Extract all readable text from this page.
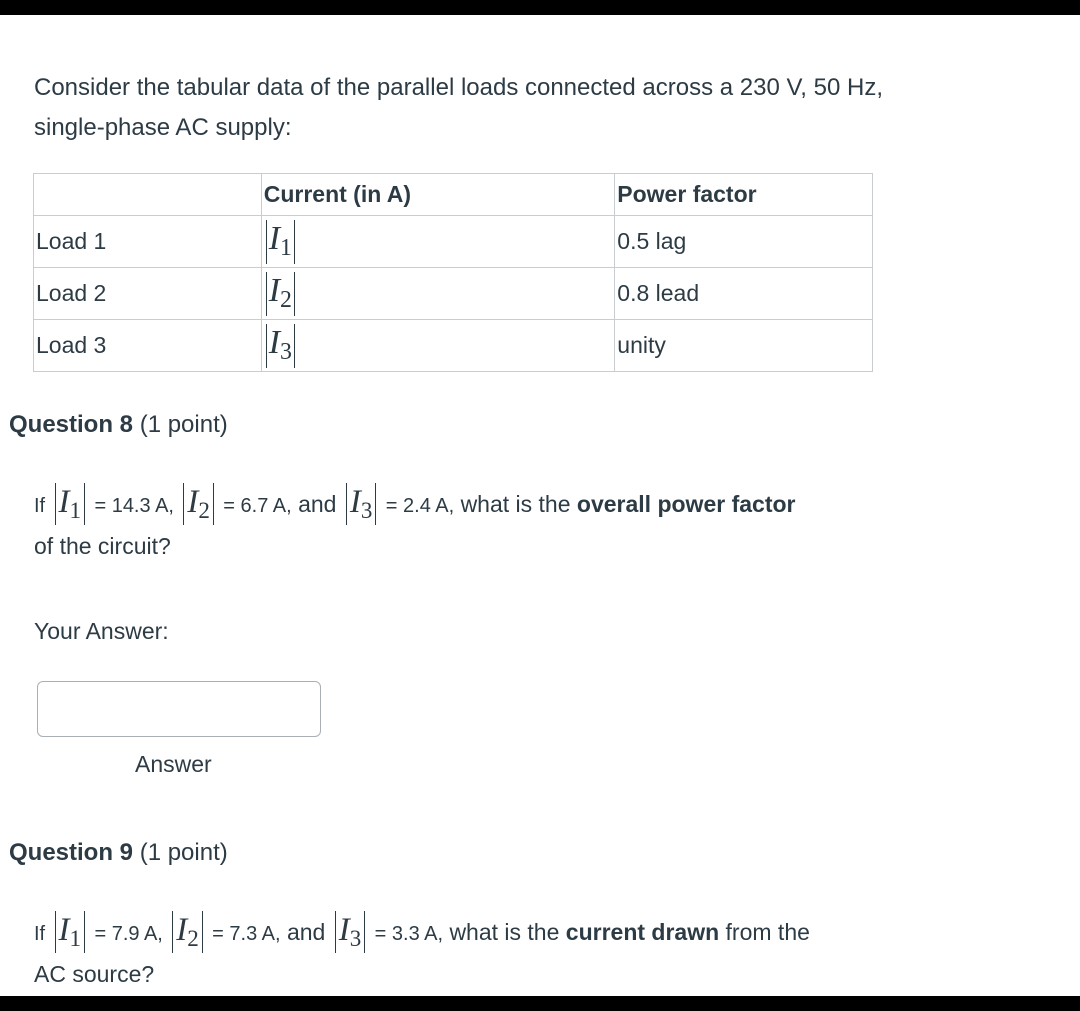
Consider the tabular data of the parallel loads connected across a 230 V, 50 Hz,
single-phase AC supply:
	Current (in A)	Power factor
Load 1	$I_1$	0.5 lag
Load 2	$I_2$	0.8 lead
Load 3	$I_3$	unity
Question 8 (1 point)
If $I_1 = 14.3$ A, $I_2 = 6.7$ A, and $I_3 = 2.4$ A, what is the overall power factor
of the circuit?
Your Answer:
Answer
Question 9 (1 point)
If $I_1 = 7.9$ A, $I_2 = 7.3$ A, and $I_3 = 3.3$ A, what is the current drawn from the
AC source?
